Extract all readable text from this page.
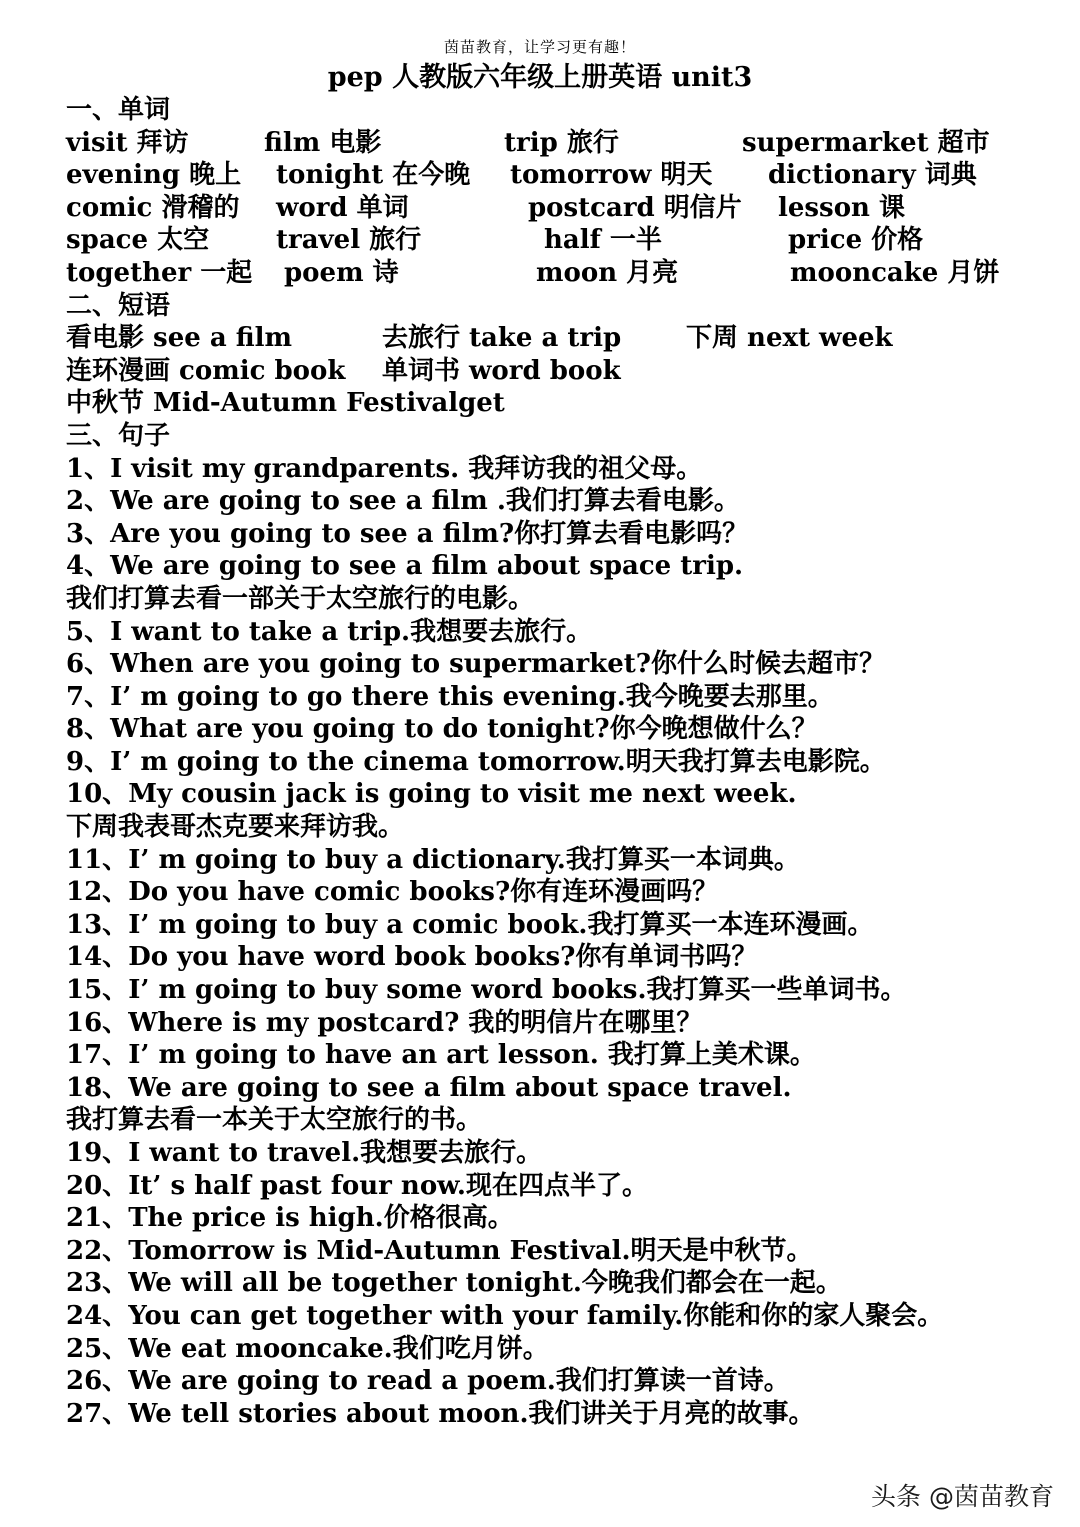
茵苗教育，让学习更有趣！
pep 人教版六年级上册英语 unit3
一、单词
visit 拜访	film 电影	trip 旅行	supermarket 超市
evening 晚上 tonight 在今晚 tomorrow 明天 dictionary 词典
comic 滑稽的 word 单词	postcard 明信片 lesson 课
space 太空	travel 旅行	half 一半	price 价格
together 一起 poem 诗	moon 月亮	mooncake 月饼
二、短语
看电影 see a film	去旅行 take a trip 下周 next week
连环漫画 comic book 单词书 word book
中秋节 Mid-Autumn Festivalget
三、句子
1、I visit my grandparents. 我拜访我的祖父母。
2、We are going to see a film .我们打算去看电影。
3、Are you going to see a film?你打算去看电影吗？
4、We are going to see a film about space trip.
我们打算去看一部关于太空旅行的电影。
5、I want to take a trip.我想要去旅行。
6、When are you going to supermarket?你什么时候去超市？
7、I’ m going to go there this evening.我今晚要去那里。
8、What are you going to do tonight?你今晚想做什么？
9、I’ m going to the cinema tomorrow.明天我打算去电影院。
10、My cousin jack is going to visit me next week.
下周我表哥杰克要来拜访我。
11、I’ m going to buy a dictionary.我打算买一本词典。
12、Do you have comic books?你有连环漫画吗？
13、I’ m going to buy a comic book.我打算买一本连环漫画。
14、Do you have word book books?你有单词书吗？
15、I’ m going to buy some word books.我打算买一些单词书。
16、Where is my postcard? 我的明信片在哪里？
17、I’ m going to have an art lesson. 我打算上美术课。
18、We are going to see a film about space travel.
我打算去看一本关于太空旅行的书。
19、I want to travel.我想要去旅行。
20、It’ s half past four now.现在四点半了。
21、The price is high.价格很高。
22、Tomorrow is Mid-Autumn Festival.明天是中秋节。
23、We will all be together tonight.今晚我们都会在一起。
24、You can get together with your family.你能和你的家人聚会。
25、We eat mooncake.我们吃月饼。
26、We are going to read a poem.我们打算读一首诗。
27、We tell stories about moon.我们讲关于月亮的故事。
头条 @茵苗教育
